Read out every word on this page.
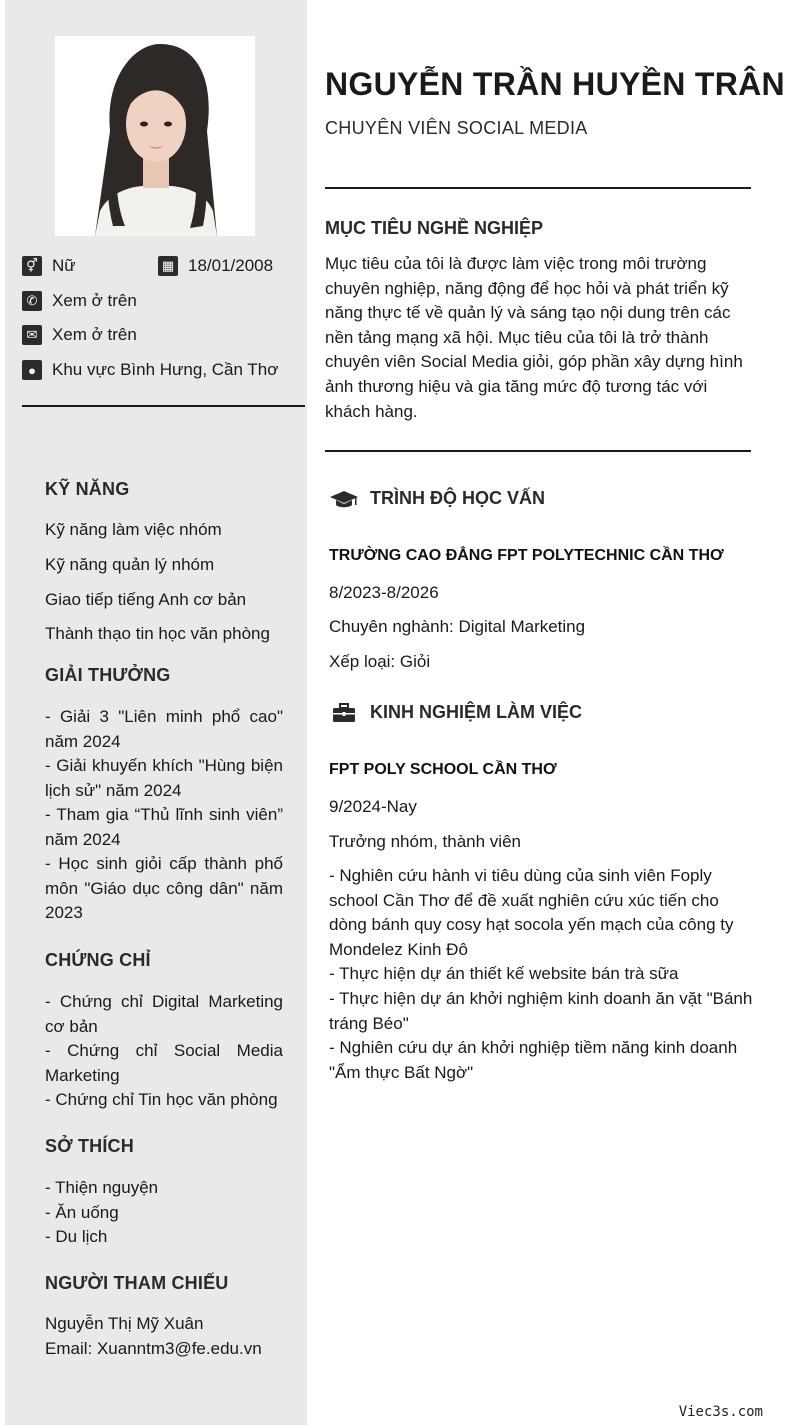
⚥ Nữ	▦ 18/01/2008
✆ Xem ở trên
✉ Xem ở trên
● Khu vực Bình Hưng, Cần Thơ
KỸ NĂNG
Kỹ năng làm việc nhóm
Kỹ năng quản lý nhóm
Giao tiếp tiếng Anh cơ bản
Thành thạo tin học văn phòng
GIẢI THƯỞNG
- Giải 3 "Liên minh phổ cao" năm 2024
- Giải khuyến khích "Hùng biện lịch sử" năm 2024
- Tham gia “Thủ lĩnh sinh viên” năm 2024
- Học sinh giỏi cấp thành phố môn "Giáo dục công dân" năm 2023
CHỨNG CHỈ
- Chứng chỉ Digital Marketing cơ bản
- Chứng chỉ Social Media Marketing
- Chứng chỉ Tin học văn phòng
SỞ THÍCH
- Thiện nguyện
- Ăn uống
- Du lịch
NGƯỜI THAM CHIẾU
Nguyễn Thị Mỹ Xuân
Email: Xuanntm3@fe.edu.vn
NGUYỄN TRẦN HUYỀN TRÂN
CHUYÊN VIÊN SOCIAL MEDIA
MỤC TIÊU NGHỀ NGHIỆP
Mục tiêu của tôi là được làm việc trong môi trường chuyên nghiệp, năng động để học hỏi và phát triển kỹ năng thực tế về quản lý và sáng tạo nội dung trên các nền tảng mạng xã hội. Mục tiêu của tôi là trở thành chuyên viên Social Media giỏi, góp phần xây dựng hình ảnh thương hiệu và gia tăng mức độ tương tác với khách hàng.
TRÌNH ĐỘ HỌC VẤN
TRƯỜNG CAO ĐẲNG FPT POLYTECHNIC CẦN THƠ
8/2023-8/2026
Chuyên nghành: Digital Marketing
Xếp loại: Giỏi
KINH NGHIỆM LÀM VIỆC
FPT POLY SCHOOL CẦN THƠ
9/2024-Nay
Trưởng nhóm, thành viên
- Nghiên cứu hành vi tiêu dùng của sinh viên Foply school Cần Thơ để đề xuất nghiên cứu xúc tiến cho dòng bánh quy cosy hạt socola yến mạch của công ty Mondelez Kinh Đô
- Thực hiện dự án thiết kế website bán trà sữa
- Thực hiện dự án khởi nghiệm kinh doanh ăn vặt "Bánh tráng Béo"
- Nghiên cứu dự án khởi nghiệp tiềm năng kinh doanh "Ẩm thực Bất Ngờ"
Viec3s.com
